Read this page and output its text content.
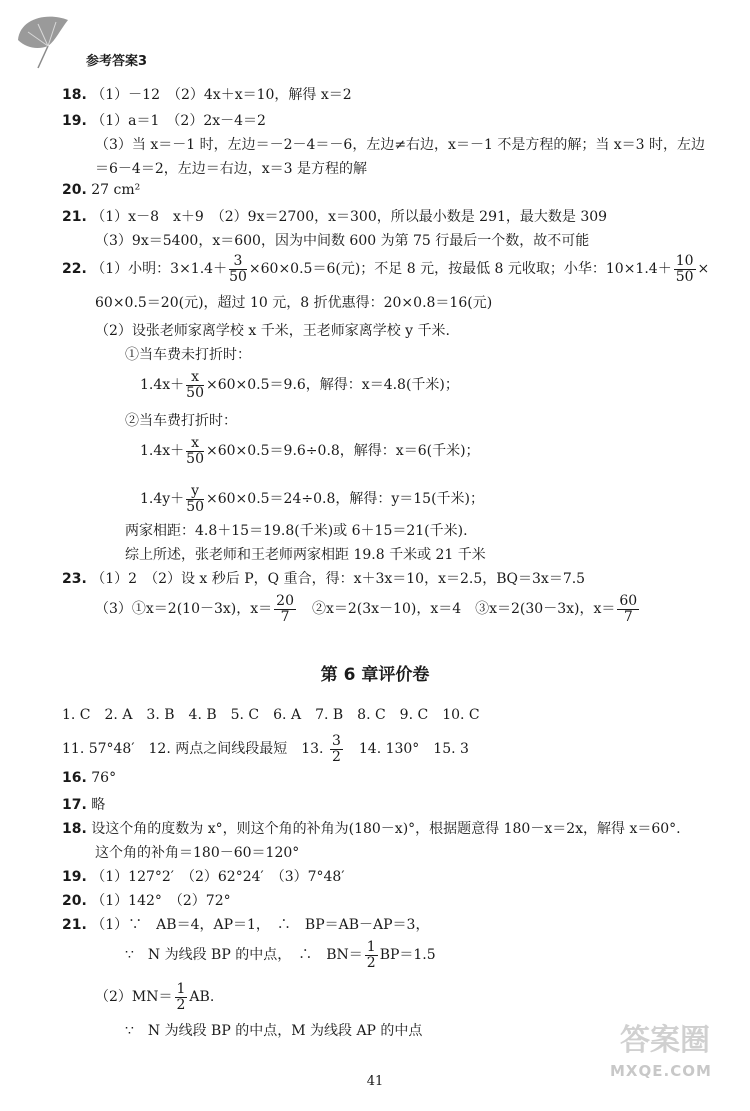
参考答案3
18. （1）－12　（2）4x＋x＝10，解得 x＝2
19. （1）a＝1　（2）2x－4＝2
（3）当 x＝－1 时，左边＝－2－4＝－6，左边≠右边，x＝－1 不是方程的解；当 x＝3 时，左边
＝6－4＝2，左边＝右边，x＝3 是方程的解
20. 27 cm²
21. （1）x－8　x＋9　（2）9x＝2700，x＝300，所以最小数是 291，最大数是 309
（3）9x＝5400，x＝600，因为中间数 600 为第 75 行最后一个数，故不可能
22. （1）小明：$3\times 1.4+ \frac{3}{50} \times 60\times 0.5=6$(元)；不足 8 元，按最低 8 元收取；小华：$10\times 1.4+ \frac{10}{50}$ ×
60×0.5＝20(元)，超过 10 元，8 折优惠得：20×0.8＝16(元)
（2）设张老师家离学校 x 千米，王老师家离学校 y 千米.
①当车费未打折时：
$1.4x+ \frac{x}{50} \times 60\times 0.5=9.6$，解得：x＝4.8(千米)；
②当车费打折时：
$1.4x+ \frac{x}{50} \times 60\times 0.5=9.6\div 0.8$，解得：x＝6(千米)；
$1.4y+ \frac{y}{50} \times 60\times 0.5=24\div 0.8$，解得：y＝15(千米)；
两家相距：4.8＋15＝19.8(千米)或 6＋15＝21(千米).
综上所述，张老师和王老师两家相距 19.8 千米或 21 千米
23. （1）2　（2）设 x 秒后 P，Q 重合，得：x＋3x＝10，x＝2.5，BQ＝3x＝7.5
（3）①x＝2(10－3x)，$x= \frac{20}{7}$ 　②x＝2(3x－10)，x＝4　③x＝2(30－3x)，$x= \frac{60}{7}$
第 6 章评价卷
1. C　2. A　3. B　4. B　5. C　6. A　7. B　8. C　9. C　10. C
11. 57°48′　12. 两点之间线段最短　13. $\frac{3}{2}$ 　14. 130°　15. 3
16. 76°
17. 略
18. 设这个角的度数为 x°，则这个角的补角为(180－x)°，根据题意得 180－x＝2x，解得 x＝60°.
这个角的补角＝180－60＝120°
19. （1）127°2′　（2）62°24′　（3）7°48′
20. （1）142°　（2）72°
21. （1）∵　AB＝4，AP＝1，　∴　BP＝AB－AP＝3，
∵　N 为线段 BP 的中点，　∴　$BN= \frac{1}{2} BP=1.5$
$(2)MN= \frac{1}{2}$ AB.
∵　N 为线段 BP 的中点，M 为线段 AP 的中点
41
答案圈
MXQE.COM
